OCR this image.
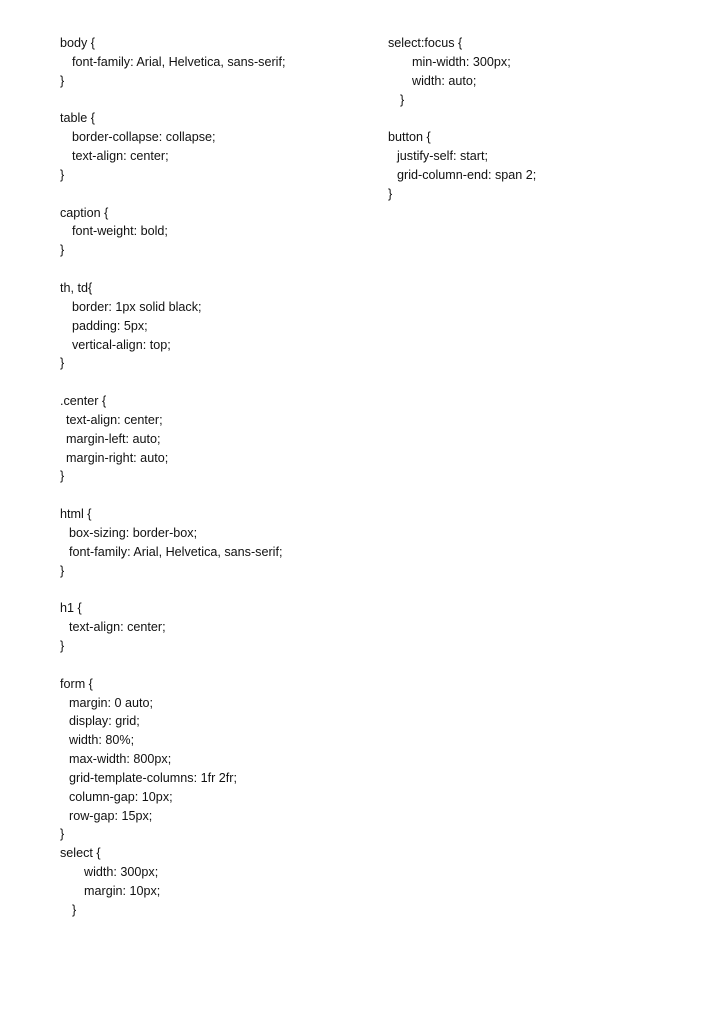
body {
font-family: Arial, Helvetica, sans-serif;
}
table {
border-collapse: collapse;
text-align: center;
}
caption {
font-weight: bold;
}
th, td{
border: 1px solid black;
padding: 5px;
vertical-align: top;
}
.center {
text-align: center;
margin-left: auto;
margin-right: auto;
}
html {
box-sizing: border-box;
font-family: Arial, Helvetica, sans-serif;
}
h1 {
text-align: center;
}
form {
margin: 0 auto;
display: grid;
width: 80%;
max-width: 800px;
grid-template-columns: 1fr 2fr;
column-gap: 10px;
row-gap: 15px;
}
select {
width: 300px;
margin: 10px;
}
select:focus {
min-width: 300px;
width: auto;
}
button {
justify-self: start;
grid-column-end: span 2;
}
